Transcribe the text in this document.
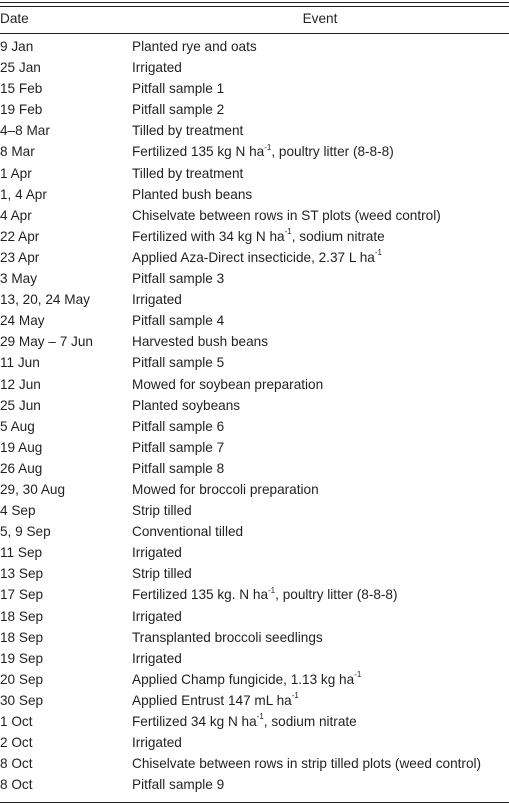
Date	Event
9 Jan	Planted rye and oats
25 Jan	Irrigated
15 Feb	Pitfall sample 1
19 Feb	Pitfall sample 2
4–8 Mar	Tilled by treatment
8 Mar	Fertilized 135 kg N $ha^{-1}$, poultry litter (8-8-8)
1 Apr	Tilled by treatment
1, 4 Apr	Planted bush beans
4 Apr	Chiselvate between rows in ST plots (weed control)
22 Apr	Fertilized with 34 kg N $ha^{-1}$, sodium nitrate
23 Apr	Applied Aza-Direct insecticide, 2.37 L $ha^{-1}$
3 May	Pitfall sample 3
13, 20, 24 May	Irrigated
24 May	Pitfall sample 4
29 May – 7 Jun	Harvested bush beans
11 Jun	Pitfall sample 5
12 Jun	Mowed for soybean preparation
25 Jun	Planted soybeans
5 Aug	Pitfall sample 6
19 Aug	Pitfall sample 7
26 Aug	Pitfall sample 8
29, 30 Aug	Mowed for broccoli preparation
4 Sep	Strip tilled
5, 9 Sep	Conventional tilled
11 Sep	Irrigated
13 Sep	Strip tilled
17 Sep	Fertilized 135 kg. N $ha^{-1}$, poultry litter (8-8-8)
18 Sep	Irrigated
18 Sep	Transplanted broccoli seedlings
19 Sep	Irrigated
20 Sep	Applied Champ fungicide, 1.13 kg $ha^{-1}$
30 Sep	Applied Entrust 147 mL $ha^{-1}$
1 Oct	Fertilized 34 kg N $ha^{-1}$, sodium nitrate
2 Oct	Irrigated
8 Oct	Chiselvate between rows in strip tilled plots (weed control)
8 Oct	Pitfall sample 9
